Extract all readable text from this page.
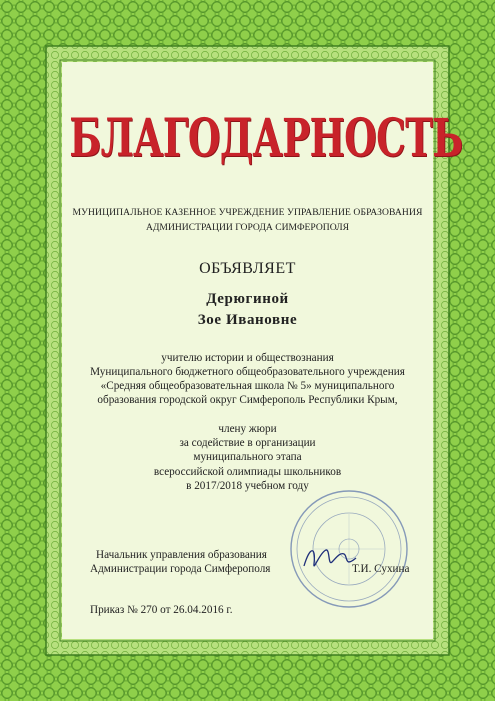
БЛАГОДАРНОСТЬ
МУНИЦИПАЛЬНОЕ КАЗЕННОЕ УЧРЕЖДЕНИЕ УПРАВЛЕНИЕ ОБРАЗОВАНИЯ
АДМИНИСТРАЦИИ ГОРОДА СИМФЕРОПОЛЯ
ОБЪЯВЛЯЕТ
Дерюгиной
Зое Ивановне
учителю истории и обществознания
Муниципального бюджетного общеобразовательного учреждения
«Средняя общеобразовательная школа № 5» муниципального
образования городской округ Симферополь Республики Крым,
члену жюри
за содействие в организации
муниципального этапа
всероссийской олимпиады школьников
в 2017/2018 учебном году
Начальник управления образования
Администрации города Симферополя	Т.И. Сухина
Приказ № 270 от 26.04.2016 г.
